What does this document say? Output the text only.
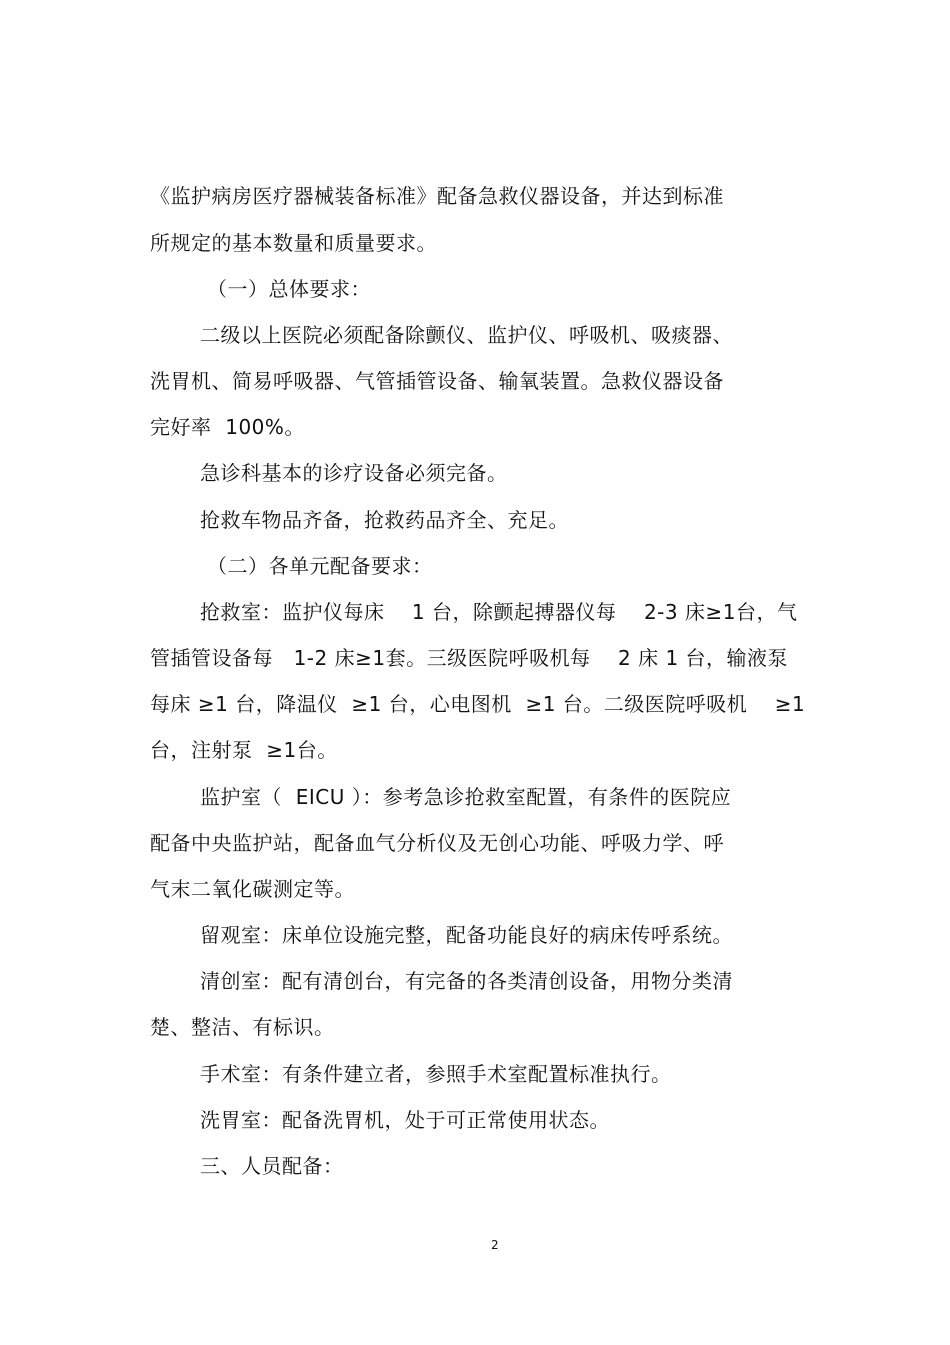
《监护病房医疗器械装备标准》配备急救仪器设备，并达到标准
所规定的基本数量和质量要求。
（一）总体要求：
二级以上医院必须配备除颤仪、监护仪、呼吸机、吸痰器、
洗胃机、简易呼吸器、气管插管设备、输氧装置。急救仪器设备
完好率  100%。
急诊科基本的诊疗设备必须完备。
抢救车物品齐备，抢救药品齐全、充足。
（二）各单元配备要求：
抢救室：监护仪每床    1 台，除颤起搏器仪每    2-3 床≥1台，气
管插管设备每   1-2 床≥1套。三级医院呼吸机每    2 床 1 台，输液泵
每床 ≥1 台，降温仪  ≥1 台，心电图机  ≥1 台。二级医院呼吸机    ≥1
台，注射泵  ≥1台。
监护室（  EICU ）：参考急诊抢救室配置，有条件的医院应
配备中央监护站，配备血气分析仪及无创心功能、呼吸力学、呼
气末二氧化碳测定等。
留观室：床单位设施完整，配备功能良好的病床传呼系统。
清创室：配有清创台，有完备的各类清创设备，用物分类清
楚、整洁、有标识。
手术室：有条件建立者，参照手术室配置标准执行。
洗胃室：配备洗胃机，处于可正常使用状态。
三、人员配备：
2
